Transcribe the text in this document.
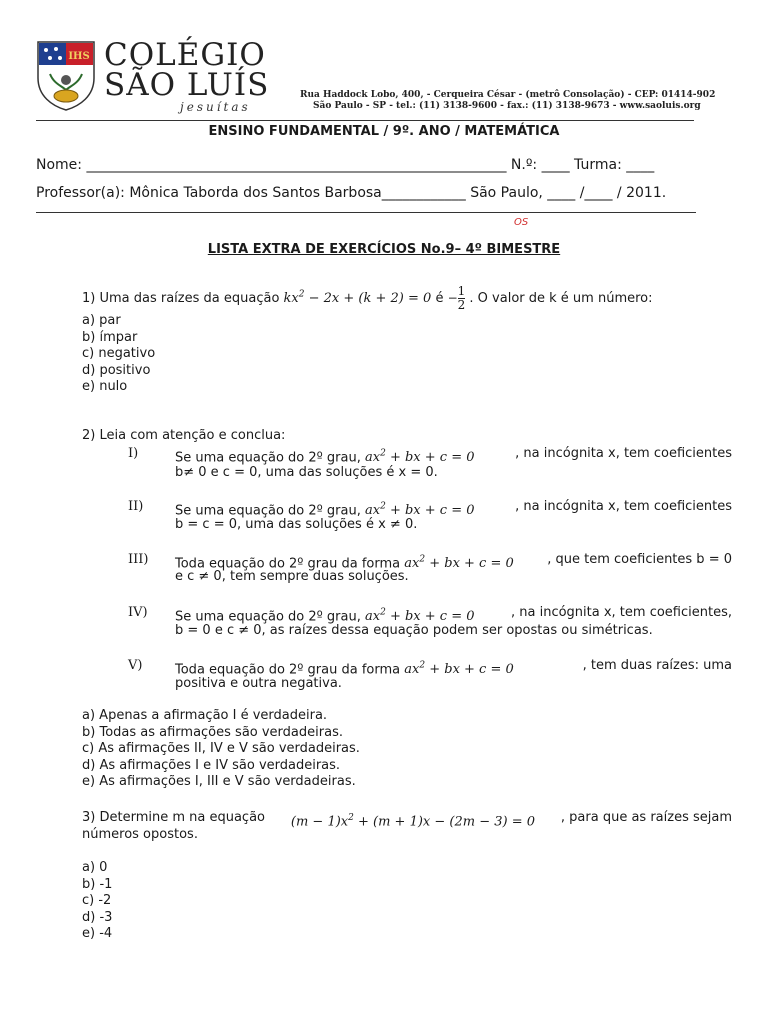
IHS COLÉGIO
SÃO LUÍS
jesuítas
Rua Haddock Lobo, 400, - Cerqueira César - (metrô Consolação) - CEP: 01414-902
São Paulo - SP - tel.: (11) 3138-9600 - fax.: (11) 3138-9673 - www.saoluis.org
ENSINO FUNDAMENTAL / 9º. ANO / MATEMÁTICA
Nome: ____________________________________________________________ N.º: ____ Turma: ____
Professor(a): Mônica Taborda dos Santos Barbosa____________ São Paulo, ____ /____ / 2011.
OS
LISTA EXTRA DE EXERCÍCIOS No.9– 4º BIMESTRE
1) Uma das raízes da equação $kx^2 - 2x + (k + 2) = 0$ é − $\frac{1}{2}$ . O valor de k é um número:
a) par
b) ímpar
c) negativo
d) positivo
e) nulo
2) Leia com atenção e conclua:
I)	Se uma equação do 2º grau, $ax^2$ + bx + c = 0	, na incógnita x, tem coeficientes
b≠ 0 e c = 0, uma das soluções é x = 0.
II) Se uma equação do 2º grau, $ax^2$ + bx + c = 0	, na incógnita x, tem coeficientes
b = c = 0, uma das soluções é x ≠ 0.
III) Toda equação do 2º grau da forma $ax^2$ + bx + c = 0	, que tem coeficientes b = 0
e c ≠ 0, tem sempre duas soluções.
IV) Se uma equação do 2º grau, $ax^2$ + bx + c = 0	, na incógnita x, tem coeficientes,
b = 0 e c ≠ 0, as raízes dessa equação podem ser opostas ou simétricas.
V)	Toda equação do 2º grau da forma $ax^2$ + bx + c = 0	, tem duas raízes: uma
positiva e outra negativa.
a) Apenas a afirmação I é verdadeira.
b) Todas as afirmações são verdadeiras.
c) As afirmações II, IV e V são verdadeiras.
d) As afirmações I e IV são verdadeiras.
e) As afirmações I, III e V são verdadeiras.
3) Determine m na equação $(m - 1)x^2 + (m + 1)x - (2m - 3) = 0$ , para que as raízes sejam
números opostos.
a) 0
b) -1
c) -2
d) -3
e) -4
